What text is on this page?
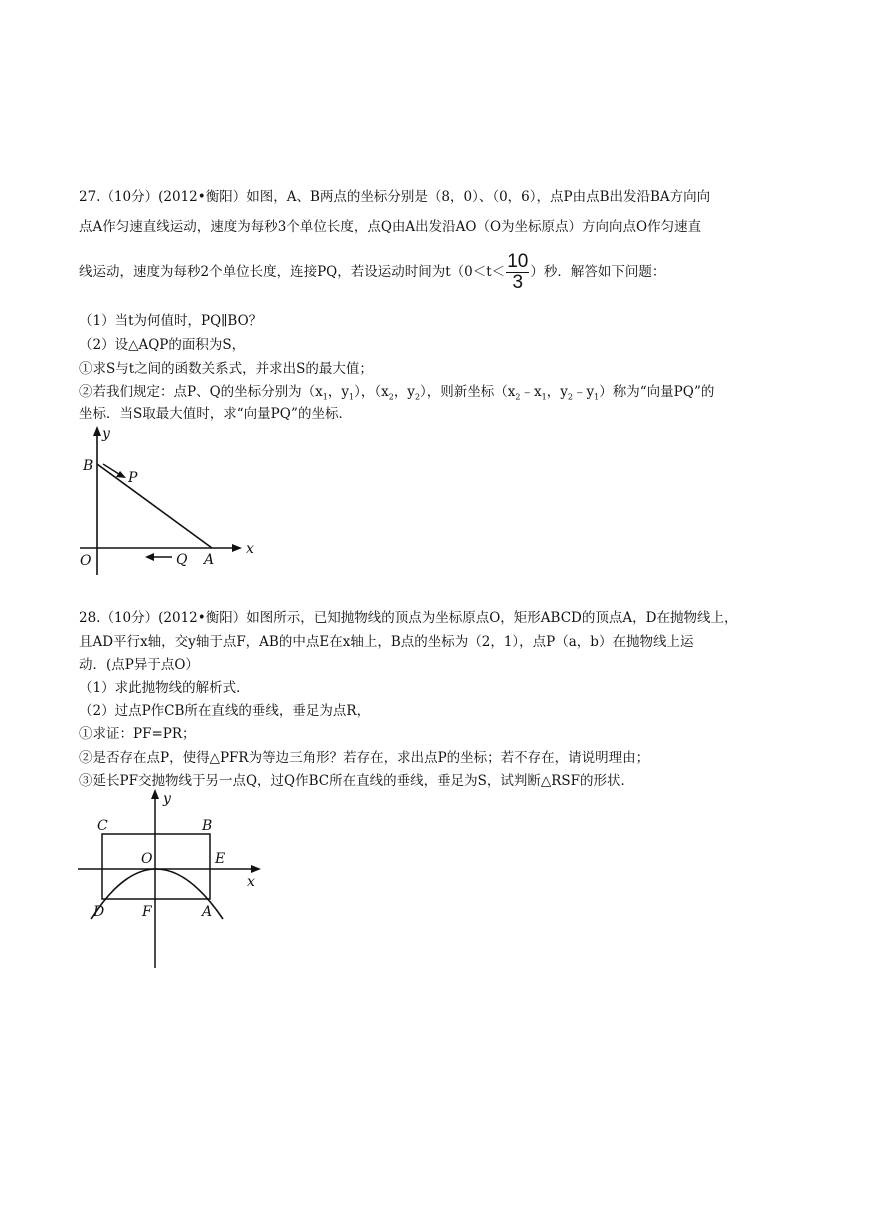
27.（10分）(2012•衡阳）如图，A、B两点的坐标分别是（8，0）、（0，6），点P由点B出发沿BA方向向
点A作匀速直线运动，速度为每秒3个单位长度，点Q由A出发沿AO（O为坐标原点）方向向点O作匀速直
线运动，速度为每秒2个单位长度，连接PQ，若设运动时间为$t(0<t< \frac{10}{3}$ ）秒．解答如下问题：
（1）当t为何值时，PQ∥BO？
（2）设△AQP的面积为S，
①求S与t之间的函数关系式，并求出S的最大值；
②若我们规定：点P、Q的坐标分别为（$x_1$，$y_1$），（$x_2$，$y_2$），则新坐标（$x_2﹣x_1$，$y_2﹣y_1$）称为“向量PQ”的
坐标．当S取最大值时，求“向量PQ”的坐标．
y
B
P
O	Q A
x
28.（10分）(2012•衡阳）如图所示，已知抛物线的顶点为坐标原点O，矩形ABCD的顶点A，D在抛物线上，
且AD平行x轴，交y轴于点F，AB的中点E在x轴上，B点的坐标为（2，1），点P（a，b）在抛物线上运
动．(点P异于点O）
（1）求此抛物线的解析式．
（2）过点P作CB所在直线的垂线，垂足为点R，
①求证：PF=PR；
②是否存在点P，使得△PFR为等边三角形？若存在，求出点P的坐标；若不存在，请说明理由；
③延长PF交抛物线于另一点Q，过Q作BC所在直线的垂线，垂足为S，试判断△RSF的形状．
y
C	B
O	E
x
D	F	A
